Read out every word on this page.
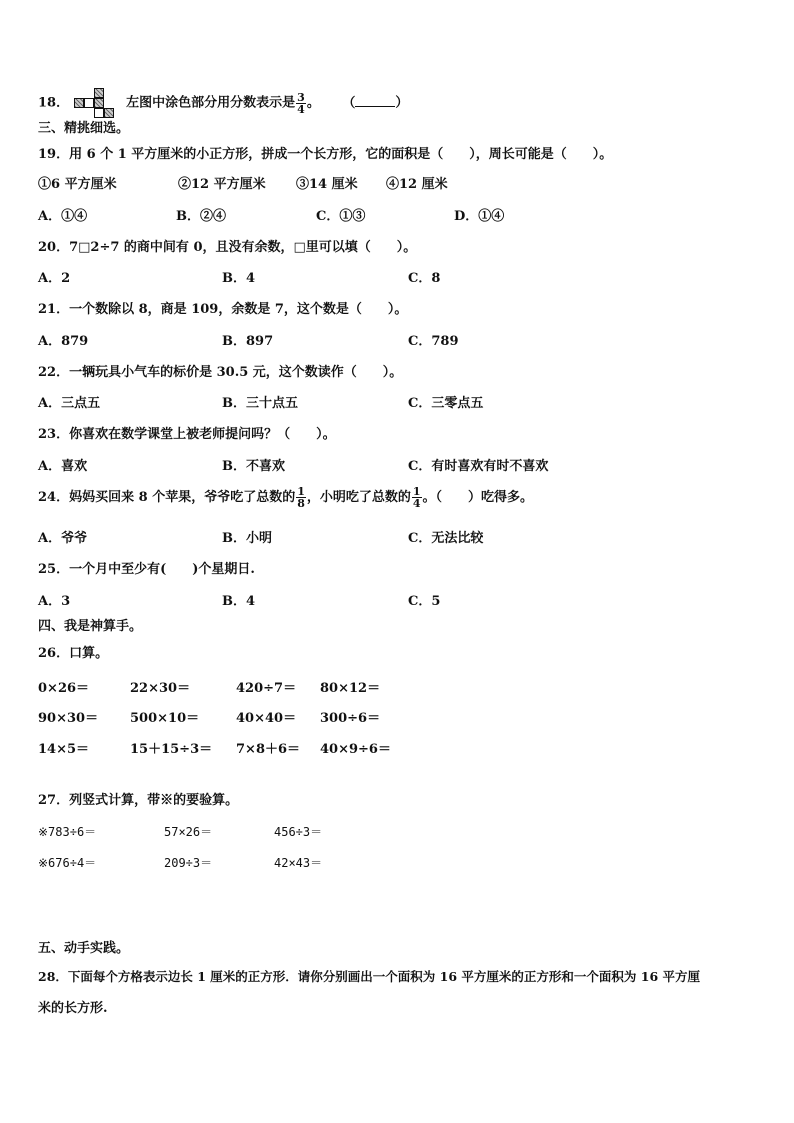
18．	左图中涂色部分用分数表示是 $\frac{3}{4}$ 。 （	）
三、精挑细选。
19．用 6 个 1 平方厘米的小正方形，拼成一个长方形，它的面积是（　　），周长可能是（　　）。
①6 平方厘米	②12 平方厘米 ③14 厘米 ④12 厘米
A．①④	B．②④	C．①③	D．①④
20．7□2÷7 的商中间有 0，且没有余数，□里可以填（　　）。
A．2	B．4	C．8
21．一个数除以 8，商是 109，余数是 7，这个数是（　　）。
A．879	B．897	C．789
22．一辆玩具小气车的标价是 30.5 元，这个数读作（　　）。
A．三点五	B．三十点五	C．三零点五
23．你喜欢在数学课堂上被老师提问吗？（　　）。
A．喜欢	B．不喜欢	C．有时喜欢有时不喜欢
24．妈妈买回来 8 个苹果，爷爷吃了总数的 $\frac{1}{8}$ ，小明吃了总数的 $\frac{1}{4}$ 。（　　）吃得多。
A．爷爷	B．小明	C．无法比较
25．一个月中至少有(　　)个星期日.
A．3	B．4	C．5
四、我是神算手。
26．口算。
0×26＝	22×30＝	420÷7＝ 80×12＝
90×30＝ 500×10＝	40×40＝ 300÷6＝
14×5＝	15＋15÷3＝ 7×8＋6＝ 40×9÷6＝
27．列竖式计算，带※的要验算。
※783÷6＝	57×26＝	456÷3＝
※676÷4＝	209÷3＝	42×43＝
五、动手实践。
28．下面每个方格表示边长 1 厘米的正方形．请你分别画出一个面积为 16 平方厘米的正方形和一个面积为 16 平方厘
米的长方形.
